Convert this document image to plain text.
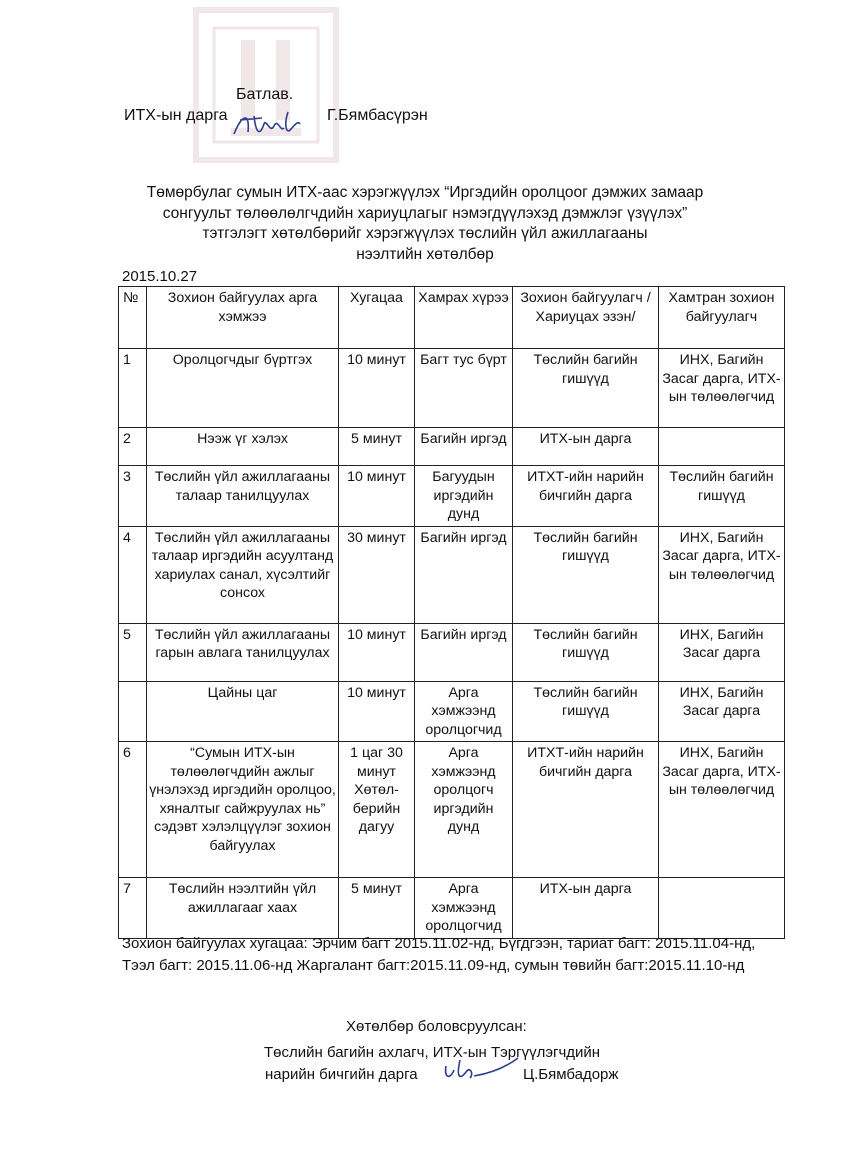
Батлав.
ИТХ-ын дарга	Г.Бямбасүрэн
Төмөрбулаг сумын ИТХ-аас хэрэгжүүлэх “Иргэдийн оролцоог дэмжих замаар
сонгуульт төлөөлөлгчдийн хариуцлагыг нэмэгдүүлэхэд дэмжлэг үзүүлэх”
тэтгэлэгт хөтөлбөрийг хэрэгжүүлэх төслийн үйл ажиллагааны
нээлтийн хөтөлбөр
2015.10.27
№	Зохион байгуулах арга хэмжээ	Хугацаа	Хамрах хүрээ	Зохион байгуулагч /Хариуцах эзэн/	Хамтран зохион байгуулагч
1	Оролцогчдыг бүртгэх	10 минут	Багт тус бүрт	Төслийн багийн гишүүд	ИНХ, Багийн Засаг дарга, ИТХ-ын төлөөлөгчид
2	Нээж үг хэлэх	5 минут	Багийн иргэд	ИТХ-ын дарга	
3	Төслийн үйл ажиллагааны талаар танилцуулах	10 минут	Багуудын иргэдийн дунд	ИТХТ-ийн нарийн бичгийн дарга	Төслийн багийн гишүүд
4	Төслийн үйл ажиллагааны талаар иргэдийн асуултанд хариулах санал, хүсэлтийг сонсох	30 минут	Багийн иргэд	Төслийн багийн гишүүд	ИНХ, Багийн Засаг дарга, ИТХ-ын төлөөлөгчид
5	Төслийн үйл ажиллагааны гарын авлага танилцуулах	10 минут	Багийн иргэд	Төслийн багийн гишүүд	ИНХ, Багийн Засаг дарга
	Цайны цаг	10 минут	Арга хэмжээнд оролцогчид	Төслийн багийн гишүүд	ИНХ, Багийн Засаг дарга
6	“Сумын ИТХ-ын төлөөлөгчдийн ажлыг үнэлэхэд иргэдийн оролцоо, хяналтыг сайжруулах нь” сэдэвт хэлэлцүүлэг зохион байгуулах	1 цаг 30 минут Хөтөл-берийн дагуу	Арга хэмжээнд оролцогч иргэдийн дунд	ИТХТ-ийн нарийн бичгийн дарга	ИНХ, Багийн Засаг дарга, ИТХ-ын төлөөлөгчид
7	Төслийн нээлтийн үйл ажиллагааг хаах	5 минут	Арга хэмжээнд оролцогчид	ИТХ-ын дарга	
Зохион байгуулах хугацаа: Эрчим багт 2015.11.02-нд, Бүгдгээн, тариат багт: 2015.11.04-нд, Тээл багт: 2015.11.06-нд Жаргалант багт:2015.11.09-нд, сумын төвийн багт:2015.11.10-нд
Хөтөлбөр боловсруулсан:
Төслийн багийн ахлагч, ИТХ-ын Тэргүүлэгчдийн
нарийн бичгийн дарга	Ц.Бямбадорж
